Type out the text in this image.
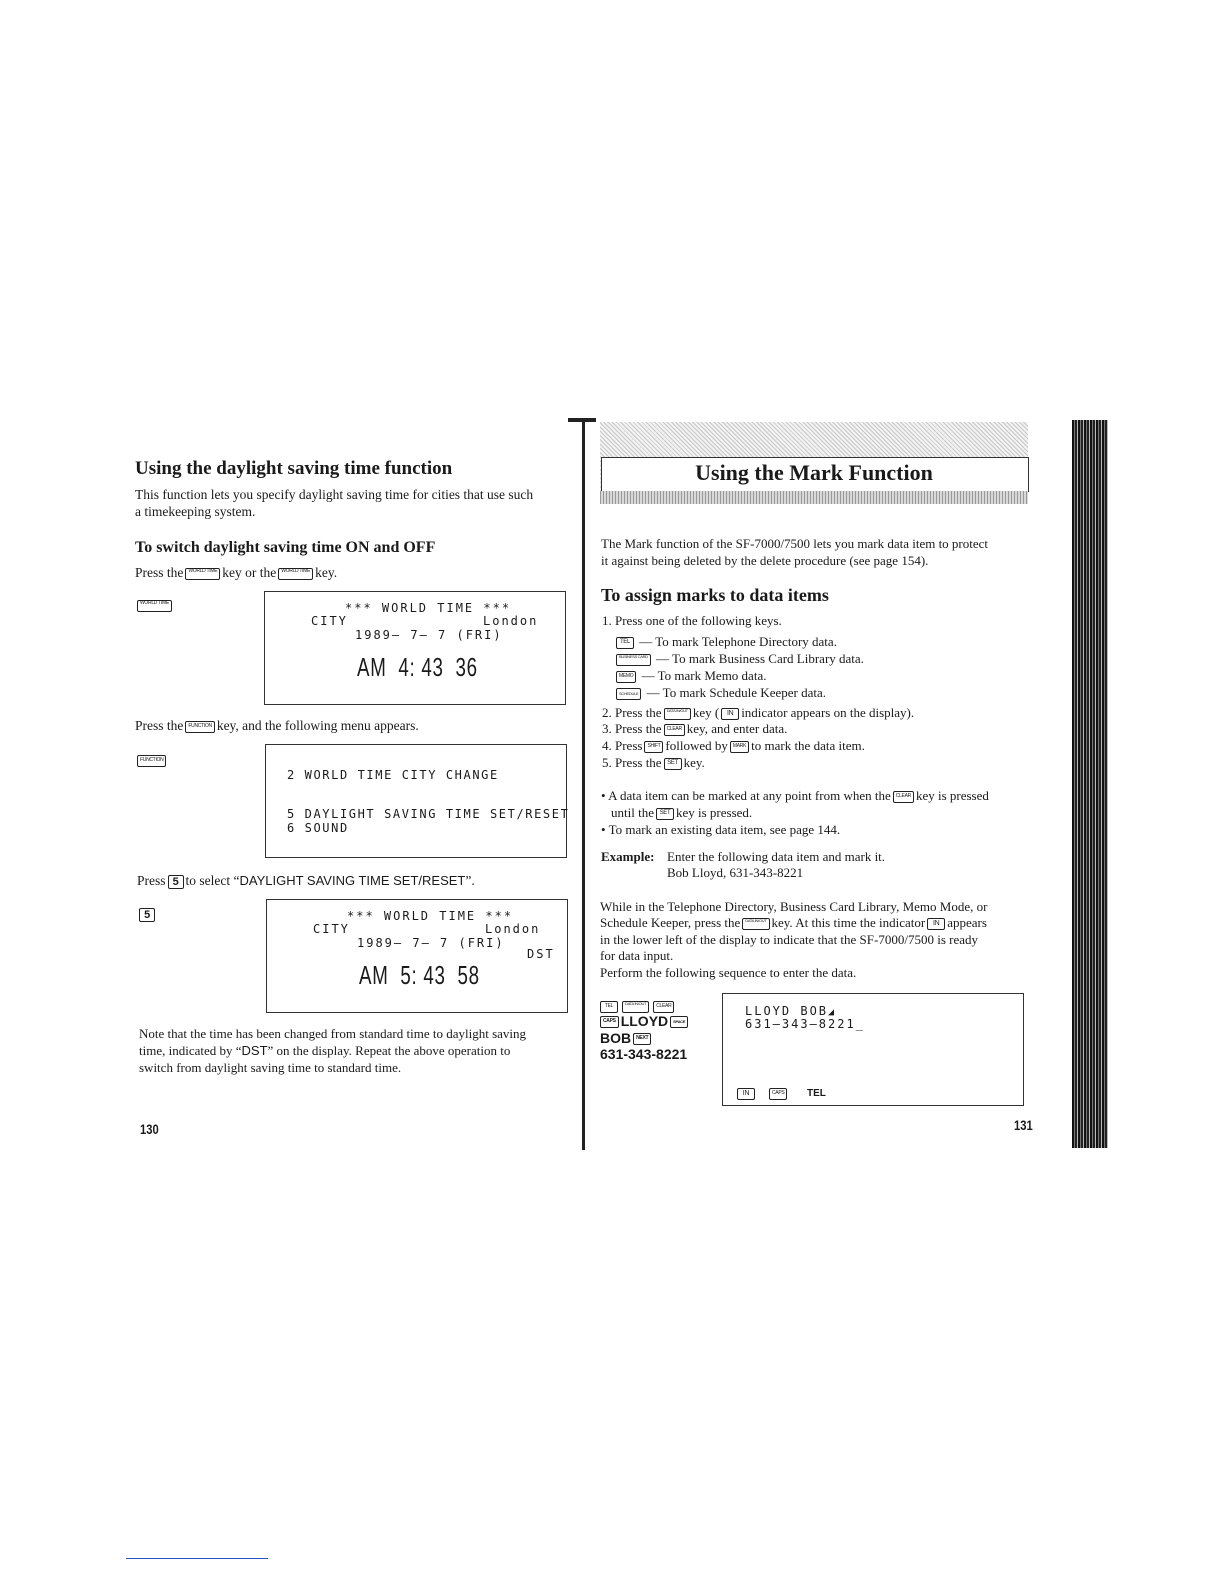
Using the daylight saving time function

This function lets you specify daylight saving time for cities that use such

a timekeeping system.

To switch daylight saving time ON and OFF

Press the WORLD TIME key or the WORLD TIME key.

WORLD TIME	*** WORLD TIME ***
CITY	London
1989– 7– 7 (FRI)
AM  4: 43  36

Press the FUNCTION key, and the following menu appears.

FUNCTION
2 WORLD TIME CITY CHANGE
5 DAYLIGHT SAVING TIME SET/RESET
6 SOUND

Press 5 to select “DAYLIGHT SAVING TIME SET/RESET”.

5	*** WORLD TIME ***
CITY	London
1989– 7– 7 (FRI)
DST
AM  5: 43  58

Note that the time has been changed from standard time to daylight saving

time, indicated by “DST” on the display. Repeat the above operation to

switch from daylight saving time to standard time.

130
Using the Mark Function

The Mark function of the SF-7000/7500 lets you mark data item to protect

it against being deleted by the delete procedure (see page 154).

To assign marks to data items

1. Press one of the following keys.

TEL — To mark Telephone Directory data.
BUSINESS CARD — To mark Business Card Library data.
MEMO — To mark Memo data.
SCHEDULE — To mark Schedule Keeper data.

2. Press the DATA IN/OUT key ( IN indicator appears on the display).

3. Press the CLEAR key, and enter data.

4. Press SHIFT followed by MARK to mark the data item.

5. Press the SET key.

• A data item can be marked at any point from when the CLEAR key is pressed

until the SET key is pressed.

• To mark an existing data item, see page 144.

Example: Enter the following data item and mark it.

Bob Lloyd, 631-343-8221

While in the Telephone Directory, Business Card Library, Memo Mode, or

Schedule Keeper, press the DATA IN/OUT key. At this time the indicator IN appears

in the lower left of the display to indicate that the SF-7000/7500 is ready

for data input.

Perform the following sequence to enter the data.

TEL	DATA IN/OUT CLEAR
CAPS LLOYD SPACE
BOB NEXT
631-343-8221
LLOYD BOB◢
631–343–8221_
IN	CAPS	TEL
131
